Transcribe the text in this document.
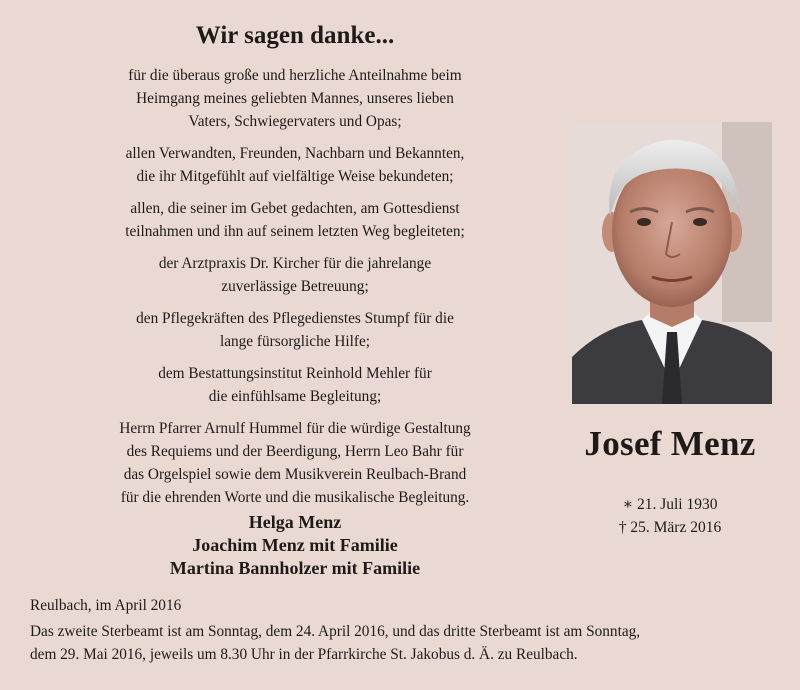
Wir sagen danke...

für die überaus große und herzliche Anteilnahme beim
Heimgang meines geliebten Mannes, unseres lieben
Vaters, Schwiegervaters und Opas;

allen Verwandten, Freunden, Nachbarn und Bekannten,
die ihr Mitgefühlt auf vielfältige Weise bekundeten;

allen, die seiner im Gebet gedachten, am Gottesdienst
teilnahmen und ihn auf seinem letzten Weg begleiteten;

der Arztpraxis Dr. Kircher für die jahrelange
zuverlässige Betreuung;

den Pflegekräften des Pflegedienstes Stumpf für die
lange fürsorgliche Hilfe;

dem Bestattungsinstitut Reinhold Mehler für
die einfühlsame Begleitung;

Herrn Pfarrer Arnulf Hummel für die würdige Gestaltung
des Requiems und der Beerdigung, Herrn Leo Bahr für
das Orgelspiel sowie dem Musikverein Reulbach-Brand
für die ehrenden Worte und die musikalische Begleitung.

Helga Menz
Joachim Menz mit Familie
Martina Bannholzer mit Familie
Josef Menz
∗ 21. Juli 1930
† 25. März 2016

Reulbach, im April 2016

Das zweite Sterbeamt ist am Sonntag, dem 24. April 2016, und das dritte Sterbeamt ist am Sonntag,

dem 29. Mai 2016, jeweils um 8.30 Uhr in der Pfarrkirche St. Jakobus d. Ä. zu Reulbach.
